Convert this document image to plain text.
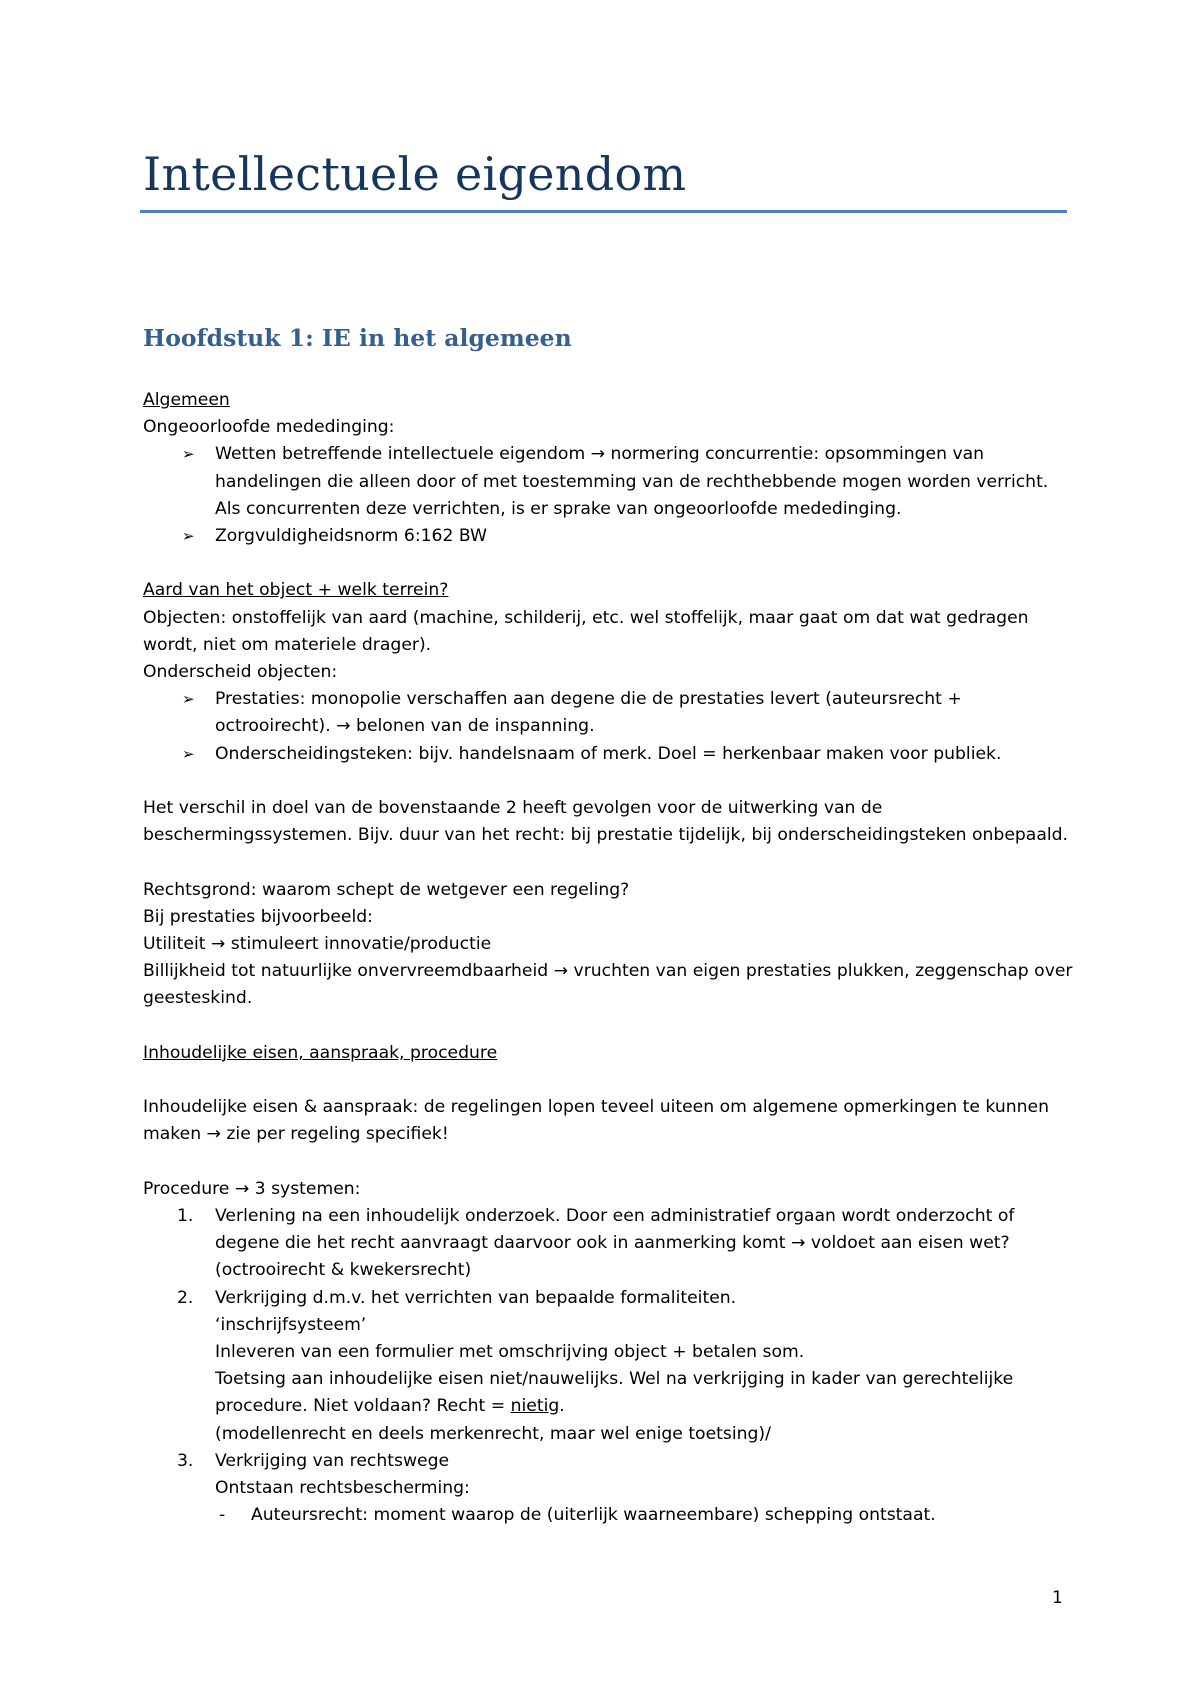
Intellectuele eigendom
Hoofdstuk 1: IE in het algemeen

Algemeen

Ongeoorloofde mededinging:

➢ Wetten betreffende intellectuele eigendom → normering concurrentie: opsommingen van handelingen die alleen door of met toestemming van de rechthebbende mogen worden verricht. Als concurrenten deze verrichten, is er sprake van ongeoorloofde mededinging.
➢ Zorgvuldigheidsnorm 6:162 BW

Aard van het object + welk terrein?

Objecten: onstoffelijk van aard (machine, schilderij, etc. wel stoffelijk, maar gaat om dat wat gedragen wordt, niet om materiele drager).

Onderscheid objecten:

➢ Prestaties: monopolie verschaffen aan degene die de prestaties levert (auteursrecht + octrooirecht). → belonen van de inspanning.
➢ Onderscheidingsteken: bijv. handelsnaam of merk. Doel = herkenbaar maken voor publiek.

Het verschil in doel van de bovenstaande 2 heeft gevolgen voor de uitwerking van de beschermingssystemen. Bijv. duur van het recht: bij prestatie tijdelijk, bij onderscheidingsteken onbepaald.

Rechtsgrond: waarom schept de wetgever een regeling?

Bij prestaties bijvoorbeeld:

Utiliteit → stimuleert innovatie/productie

Billijkheid tot natuurlijke onvervreemdbaarheid → vruchten van eigen prestaties plukken, zeggenschap over geesteskind.

Inhoudelijke eisen, aanspraak, procedure

Inhoudelijke eisen & aanspraak: de regelingen lopen teveel uiteen om algemene opmerkingen te kunnen maken → zie per regeling specifiek!

Procedure → 3 systemen:

1. Verlening na een inhoudelijk onderzoek. Door een administratief orgaan wordt onderzocht of degene die het recht aanvraagt daarvoor ook in aanmerking komt → voldoet aan eisen wet? (octrooirecht & kwekersrecht)
2. Verkrijging d.m.v. het verrichten van bepaalde formaliteiten.
‘inschrijfsysteem’
Inleveren van een formulier met omschrijving object + betalen som.
Toetsing aan inhoudelijke eisen niet/nauwelijks. Wel na verkrijging in kader van gerechtelijke procedure. Niet voldaan? Recht = nietig.
(modellenrecht en deels merkenrecht, maar wel enige toetsing)/
3. Verkrijging van rechtswege
Ontstaan rechtsbescherming:
- Auteursrecht: moment waarop de (uiterlijk waarneembare) schepping ontstaat.
1
